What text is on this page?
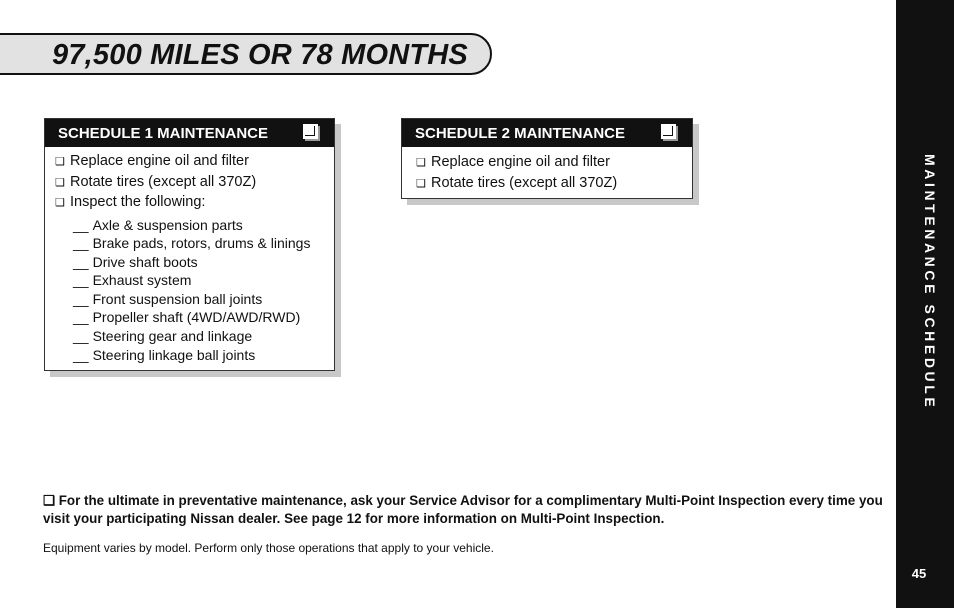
97,500 MILES OR 78 MONTHS
MAINTENANCE SCHEDULE
45
SCHEDULE 1 MAINTENANCE
❑ Replace engine oil and filter
❑ Rotate tires (except all 370Z)
❑ Inspect the following:
__ Axle & suspension parts
__ Brake pads, rotors, drums & linings
__ Drive shaft boots
__ Exhaust system
__ Front suspension ball joints
__ Propeller shaft (4WD/AWD/RWD)
__ Steering gear and linkage
__ Steering linkage ball joints
SCHEDULE 2 MAINTENANCE
❑ Replace engine oil and filter
❑ Rotate tires (except all 370Z)
❑ For the ultimate in preventative maintenance, ask your Service Advisor for a complimentary Multi-Point Inspection every time you visit your participating Nissan dealer. See page 12 for more information on Multi-Point Inspection.
Equipment varies by model. Perform only those operations that apply to your vehicle.
